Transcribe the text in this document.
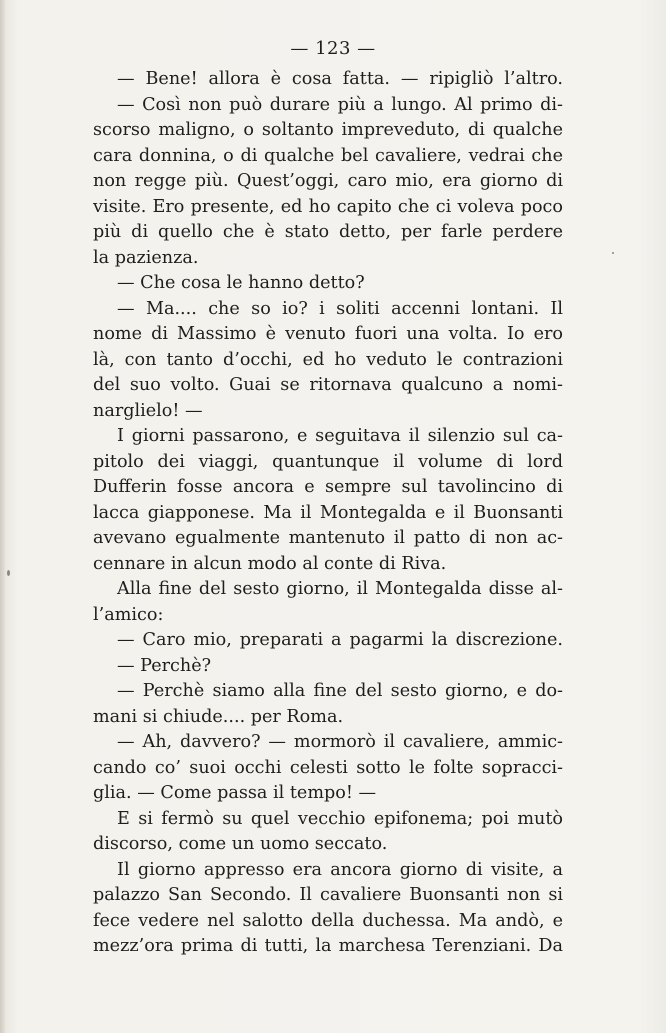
— 123 —
— Bene! allora è cosa fatta. — ripigliò l’altro.
— Così non può durare più a lungo. Al primo di-
scorso maligno, o soltanto impreveduto, di qualche
cara donnina, o di qualche bel cavaliere, vedrai che
non regge più. Quest’oggi, caro mio, era giorno di
visite. Ero presente, ed ho capito che ci voleva poco
più di quello che è stato detto, per farle perdere
la pazienza.
— Che cosa le hanno detto?
— Ma.... che so io? i soliti accenni lontani. Il
nome di Massimo è venuto fuori una volta. Io ero
là, con tanto d’occhi, ed ho veduto le contrazioni
del suo volto. Guai se ritornava qualcuno a nomi-
narglielo! —
I giorni passarono, e seguitava il silenzio sul ca-
pitolo dei viaggi, quantunque il volume di lord
Dufferin fosse ancora e sempre sul tavolincino di
lacca giapponese. Ma il Montegalda e il Buonsanti
avevano egualmente mantenuto il patto di non ac-
cennare in alcun modo al conte di Riva.
Alla fine del sesto giorno, il Montegalda disse al-
l’amico:
— Caro mio, preparati a pagarmi la discrezione.
— Perchè?
— Perchè siamo alla fine del sesto giorno, e do-
mani si chiude.... per Roma.
— Ah, davvero? — mormorò il cavaliere, ammic-
cando co’ suoi occhi celesti sotto le folte sopracci-
glia. — Come passa il tempo! —
E si fermò su quel vecchio epifonema; poi mutò
discorso, come un uomo seccato.
Il giorno appresso era ancora giorno di visite, a
palazzo San Secondo. Il cavaliere Buonsanti non si
fece vedere nel salotto della duchessa. Ma andò, e
mezz’ora prima di tutti, la marchesa Terenziani. Da
